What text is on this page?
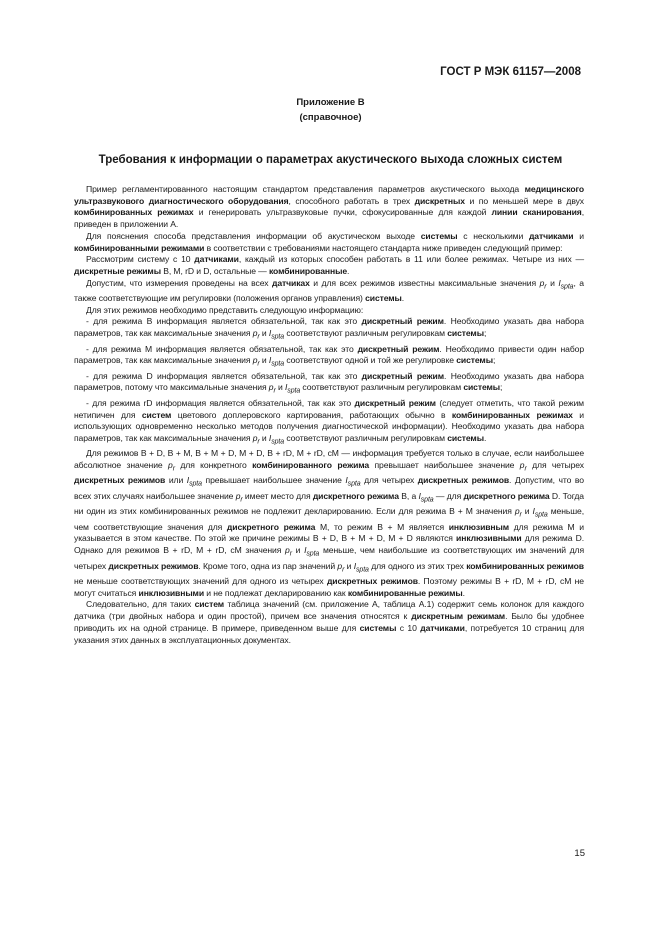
ГОСТ Р МЭК 61157—2008
Приложение В
(справочное)
Требования к информации о параметрах акустического выхода сложных систем

Пример регламентированного настоящим стандартом представления параметров акустического выхода медицинского ультразвукового диагностического оборудования, способного работать в трех дискретных и по меньшей мере в двух комбинированных режимах и генерировать ультразвуковые пучки, сфокусированные для каждой линии сканирования, приведен в приложении А.

Для пояснения способа представления информации об акустическом выходе системы с несколькими датчиками и комбинированными режимами в соответствии с требованиями настоящего стандарта ниже приведен следующий пример:

Рассмотрим систему с 10 датчиками, каждый из которых способен работать в 11 или более режимах. Четыре из них — дискретные режимы В, М, rD и D, остальные — комбинированные.

Допустим, что измерения проведены на всех датчиках и для всех режимов известны максимальные значения $p_r$ и $I_{spta}$, а также соответствующие им регулировки (положения органов управления) системы.

Для этих режимов необходимо представить следующую информацию:

- для режима В информация является обязательной, так как это дискретный режим. Необходимо указать два набора параметров, так как максимальные значения $p_r$ и $I_{spta}$ соответствуют различным регулировкам системы;

- для режима М информация является обязательной, так как это дискретный режим. Необходимо привести один набор параметров, так как максимальные значения $p_r$ и $I_{spta}$ соответствуют одной и той же регулировке системы;

- для режима D информация является обязательной, так как это дискретный режим. Необходимо указать два набора параметров, потому что максимальные значения $p_r$ и $I_{spta}$ соответствуют различным регулировкам системы;

- для режима rD информация является обязательной, так как это дискретный режим (следует отметить, что такой режим нетипичен для систем цветового доплеровского картирования, работающих обычно в комбинированных режимах и использующих одновременно несколько методов получения диагностической информации). Необходимо указать два набора параметров, так как максимальные значения $p_r$ и $I_{spta}$ соответствуют различным регулировкам системы.

Для режимов В + D, В + М, В + М + D, М + D, В + rD, М + rD, сМ — информация требуется только в случае, если наибольшее абсолютное значение $p_r$ для конкретного комбинированного режима превышает наибольшее значение $p_r$ для четырех дискретных режимов или $I_{spta}$ превышает наибольшее значение $I_{spta}$ для четырех дискретных режимов. Допустим, что во всех этих случаях наибольшее значение $p_r$ имеет место для дискретного режима В, а $I_{spta}$ — для дискретного режима D. Тогда ни один из этих комбинированных режимов не подлежит декларированию. Если для режима В + М значения $p_r$ и $I_{spta}$ меньше, чем соответствующие значения для дискретного режима М, то режим В + М является инклюзивным для режима М и указывается в этом качестве. По этой же причине режимы В + D, В + М + D, М + D являются инклюзивными для режима D. Однако для режимов В + rD, М + rD, сМ значения $p_r$ и $I_{spta}$ меньше, чем наибольшие из соответствующих им значений для четырех дискретных режимов. Кроме того, одна из пар значений $p_r$ и $I_{spta}$ для одного из этих трех комбинированных режимов не меньше соответствующих значений для одного из четырех дискретных режимов. Поэтому режимы В + rD, М + rD, сМ не могут считаться инклюзивными и не подлежат декларированию как комбинированные режимы.

Следовательно, для таких систем таблица значений (см. приложение А, таблица А.1) содержит семь колонок для каждого датчика (три двойных набора и один простой), причем все значения относятся к дискретным режимам. Было бы удобнее приводить их на одной странице. В примере, приведенном выше для системы с 10 датчиками, потребуется 10 страниц для указания этих данных в эксплуатационных документах.

15
